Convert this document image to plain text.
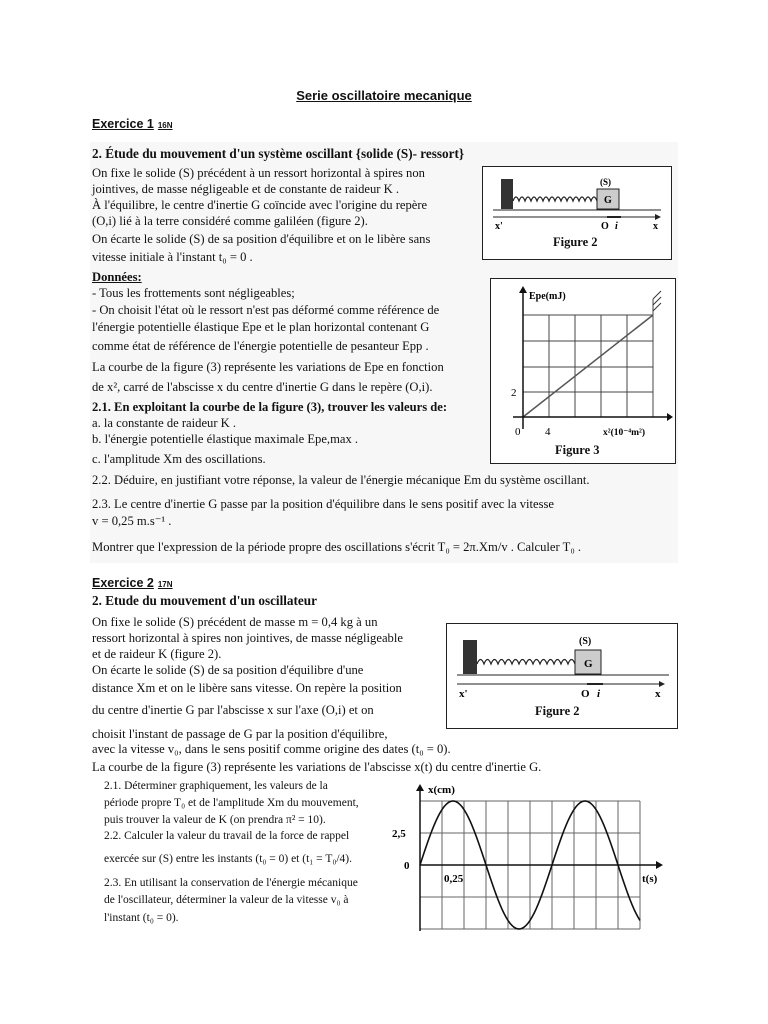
Serie oscillatoire mecanique
Exercice 1 16N
2. Étude du mouvement d'un système oscillant {solide (S)- ressort}
On fixe le solide (S) précédent à un ressort horizontal à spires non
jointives, de masse négligeable et de constante de raideur K .
À l'équilibre, le centre d'inertie G coïncide avec l'origine du repère
(O,i) lié à la terre considéré comme galiléen (figure 2).
On écarte le solide (S) de sa position d'équilibre et on le libère sans
vitesse initiale à l'instant t₀ = 0 .
Données:
- Tous les frottements sont négligeables;
- On choisit l'état où le ressort n'est pas déformé comme référence de
l'énergie potentielle élastique Epe et le plan horizontal contenant G
comme état de référence de l'énergie potentielle de pesanteur Epp .
La courbe de la figure (3) représente les variations de Epe en fonction
de x², carré de l'abscisse x du centre d'inertie G dans le repère (O,i).
2.1. En exploitant la courbe de la figure (3), trouver les valeurs de:
a. la constante de raideur K .
b. l'énergie potentielle élastique maximale Epe,max .
c. l'amplitude Xm des oscillations.
2.2. Déduire, en justifiant votre réponse, la valeur de l'énergie mécanique Em du système oscillant.
2.3. Le centre d'inertie G passe par la position d'équilibre dans le sens positif avec la vitesse
v = 0,25 m.s⁻¹ .
Montrer que l'expression de la période propre des oscillations s'écrit T₀ = 2π.Xm/v . Calculer T₀ .
(S)
G
O i	x
x'
Figure 2
Epe(mJ)
2
0 4	x²(10⁻⁴m²)
Figure 3
Exercice 2 17N
2. Etude du mouvement d'un oscillateur
On fixe le solide (S) précédent de masse m = 0,4 kg à un
ressort horizontal à spires non jointives, de masse négligeable
et de raideur K (figure 2).
On écarte le solide (S) de sa position d'équilibre d'une
distance Xm et on le libère sans vitesse. On repère la position
du centre d'inertie G par l'abscisse x sur l'axe (O,i) et on
choisit l'instant de passage de G par la position d'équilibre,
avec la vitesse v₀, dans le sens positif comme origine des dates (t₀ = 0).
La courbe de la figure (3) représente les variations de l'abscisse x(t) du centre d'inertie G.
2.1. Déterminer graphiquement, les valeurs de la
période propre T₀ et de l'amplitude Xm du mouvement,
puis trouver la valeur de K (on prendra π² = 10).
2.2. Calculer la valeur du travail de la force de rappel
exercée sur (S) entre les instants (t₀ = 0) et (t₁ = T₀/4).
2.3. En utilisant la conservation de l'énergie mécanique
de l'oscillateur, déterminer la valeur de la vitesse v₀ à
l'instant (t₀ = 0).
(S)
G
O i	x
x'
Figure 2
x(cm)
2,5
0
0,25	t(s)
